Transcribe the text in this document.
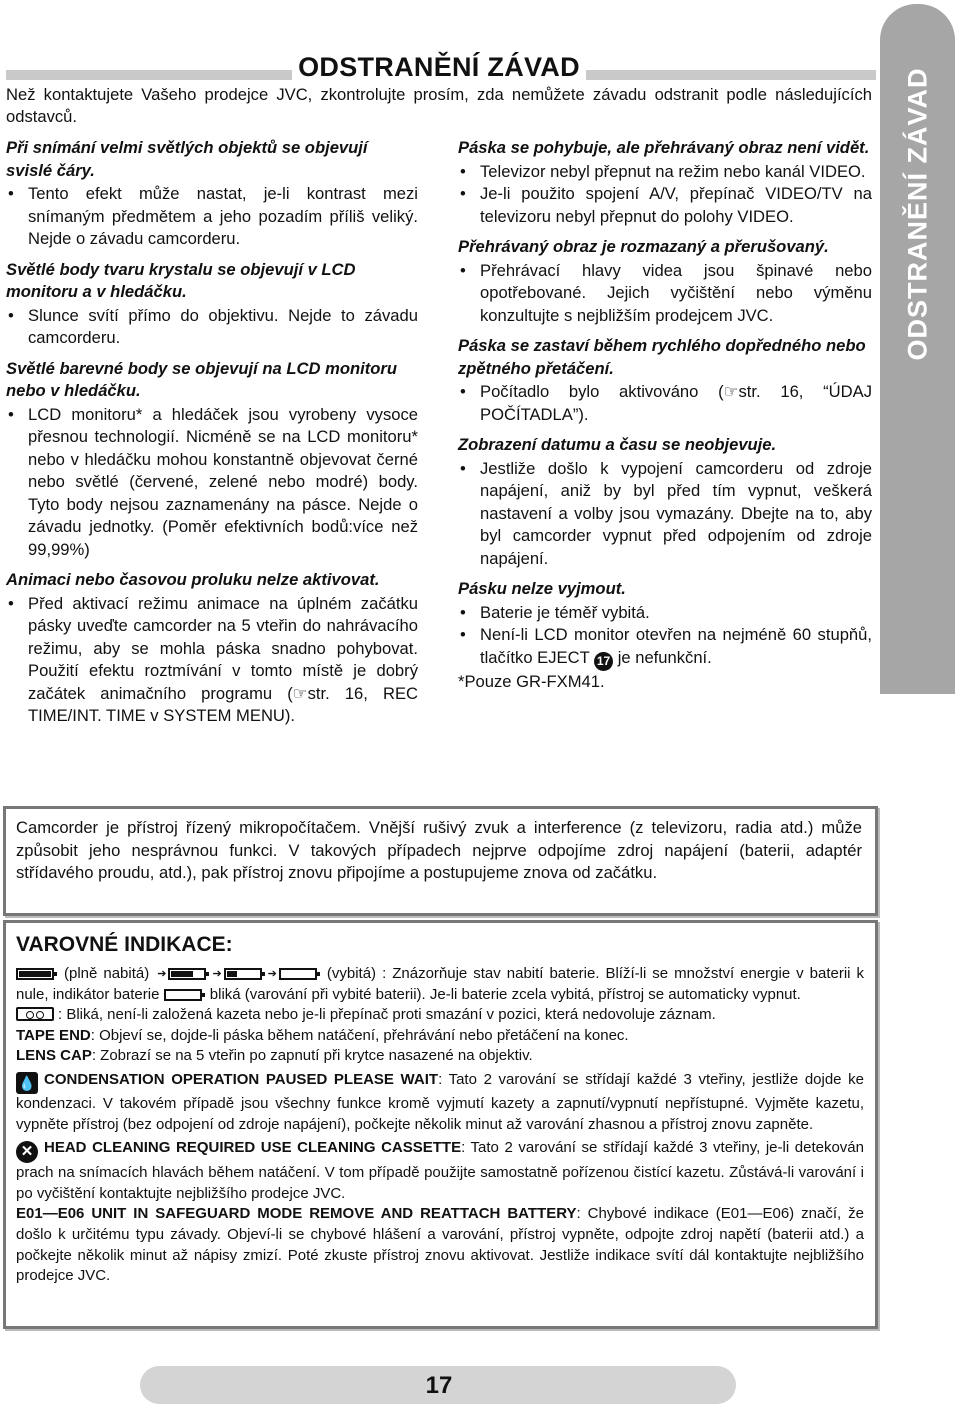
ODSTRANĚNÍ ZÁVAD
Než kontaktujete Vašeho prodejce JVC, zkontrolujte prosím, zda nemůžete závadu odstranit podle následujících odstavců.	ODSTRANĚNÍ ZÁVAD
Při snímání velmi světlých objektů se objevují svislé čáry.
• Tento efekt může nastat, je-li kontrast mezi snímaným předmětem a jeho pozadím příliš veliký. Nejde o závadu camcorderu.
Světlé body tvaru krystalu se objevují v LCD monitoru a v hledáčku.
• Slunce svítí přímo do objektivu. Nejde to závadu camcorderu.
Světlé barevné body se objevují na LCD monitoru nebo v hledáčku.
• LCD monitoru* a hledáček jsou vyrobeny vysoce přesnou technologií. Nicméně se na LCD monitoru* nebo v hledáčku mohou konstantně objevovat černé nebo světlé (červené, zelené nebo modré) body. Tyto body nejsou zaznamenány na pásce. Nejde o závadu jednotky. (Poměr efektivních bodů:více než 99,99%)
Animaci nebo časovou proluku nelze aktivovat.
• Před aktivací režimu animace na úplném začátku pásky uveďte camcorder na 5 vteřin do nahrávacího režimu, aby se mohla páska snadno pohybovat. Použití efektu roztmívání v tomto místě je dobrý začátek animačního programu (☞str. 16, REC TIME/INT. TIME v SYSTEM MENU).
Páska se pohybuje, ale přehrávaný obraz není vidět.
• Televizor nebyl přepnut na režim nebo kanál VIDEO.
• Je-li použito spojení A/V, přepínač VIDEO/TV na televizoru nebyl přepnut do polohy VIDEO.
Přehrávaný obraz je rozmazaný a přerušovaný.
• Přehrávací hlavy videa jsou špinavé nebo opotřebované. Jejich vyčištění nebo výměnu konzultujte s nejbližším prodejcem JVC.
Páska se zastaví během rychlého dopředného nebo zpětného přetáčení.
• Počítadlo bylo aktivováno (☞str. 16, “ÚDAJ POČÍTADLA”).
Zobrazení datumu a času se neobjevuje.
• Jestliže došlo k vypojení camcorderu od zdroje napájení, aniž by byl před tím vypnut, veškerá nastavení a volby jsou vymazány. Dbejte na to, aby byl camcorder vypnut před odpojením od zdroje napájení.
Pásku nelze vyjmout.
• Baterie je téměř vybitá.
• Není-li LCD monitor otevřen na nejméně 60 stupňů, tlačítko EJECT 17 je nefunkční.
*Pouze GR-FXM41.
Camcorder je přístroj řízený mikropočítačem. Vnější rušivý zvuk a interference (z televizoru, radia atd.) může způsobit jeho nesprávnou funkci. V takových případech nejprve odpojíme zdroj napájení (baterii, adaptér střídavého proudu, atd.), pak přístroj znovu připojíme a postupujeme znova od začátku.
VAROVNÉ INDIKACE:

(plně nabitá) ➔	➔	➔	(vybitá) : Znázorňuje stav nabití baterie. Blíží-li se množství energie v baterii k nule, indikátor baterie	bliká (varování při vybité baterii). Je-li baterie zcela vybitá, přístroj se automaticky vypnut.

: Bliká, není-li založená kazeta nebo je-li přepínač proti smazání v pozici, která nedovoluje záznam.

TAPE END: Objeví se, dojde-li páska během natáčení, přehrávání nebo přetáčení na konec.

LENS CAP: Zobrazí se na 5 vteřin po zapnutí při krytce nasazené na objektiv.

💧 CONDENSATION OPERATION PAUSED PLEASE WAIT: Tato 2 varování se střídají každé 3 vteřiny, jestliže dojde ke kondenzaci. V takovém případě jsou všechny funkce kromě vyjmutí kazety a zapnutí/vypnutí nepřístupné. Vyjměte kazetu, vypněte přístroj (bez odpojení od zdroje napájení), počkejte několik minut až varování zhasnou a přístroj znovu zapněte.

✕ HEAD CLEANING REQUIRED USE CLEANING CASSETTE: Tato 2 varování se střídají každé 3 vteřiny, je-li detekován prach na snímacích hlavách během natáčení. V tom případě použijte samostatně pořízenou čistící kazetu. Zůstává-li varování i po vyčištění kontaktujte nejbližšího prodejce JVC.

E01—E06 UNIT IN SAFEGUARD MODE REMOVE AND REATTACH BATTERY: Chybové indikace (E01—E06) značí, že došlo k určitému typu závady. Objeví-li se chybové hlášení a varování, přístroj vypněte, odpojte zdroj napětí (baterii atd.) a počkejte několik minut až nápisy zmizí. Poté zkuste přístroj znovu aktivovat. Jestliže indikace svítí dál kontaktujte nejbližšího prodejce JVC.

17
